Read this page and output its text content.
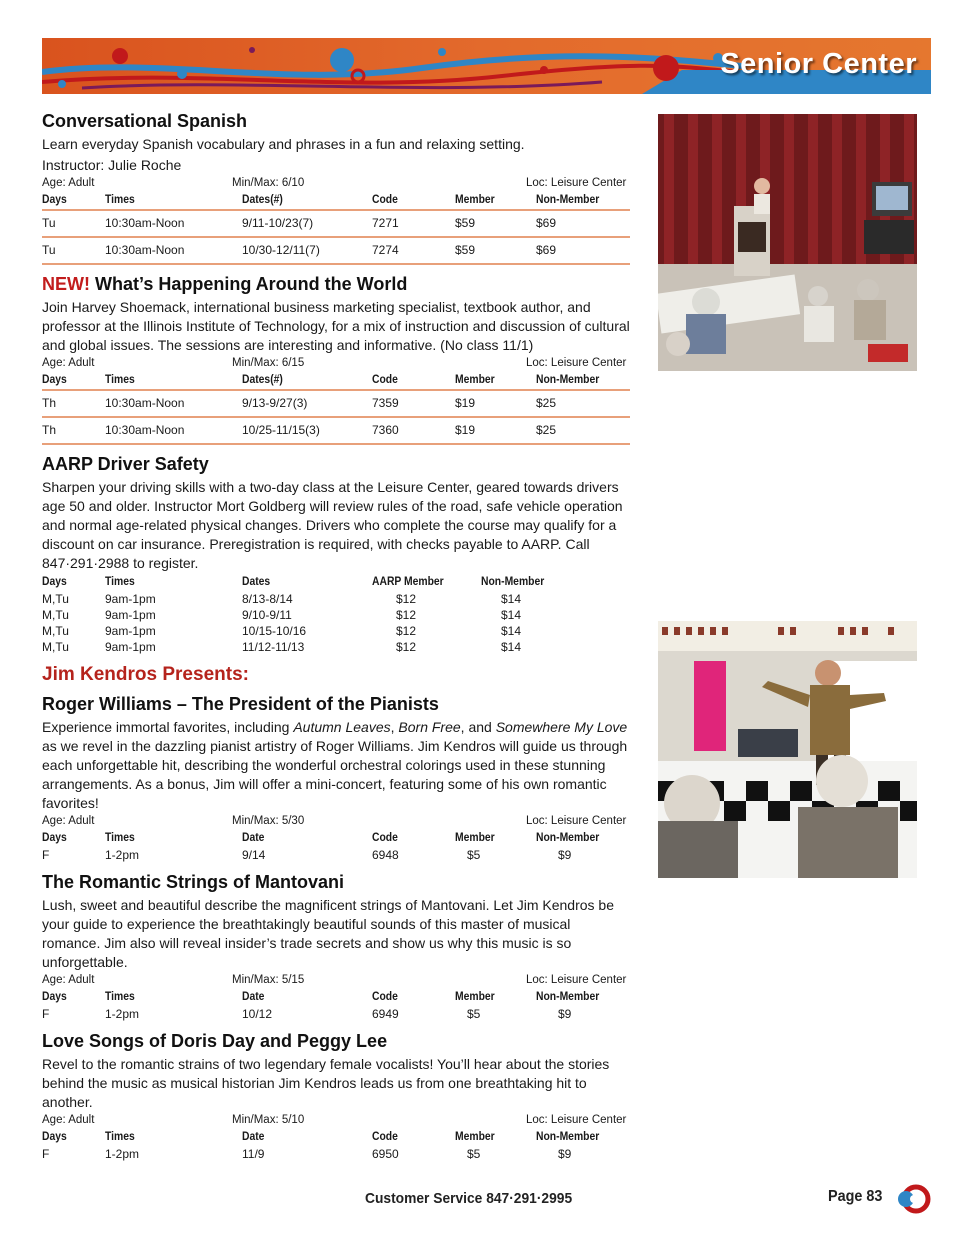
Senior Center
Conversational Spanish
Learn everyday Spanish vocabulary and phrases in a fun and relaxing setting.
Instructor: Julie Roche
Age: Adult	Min/Max: 6/10	Loc: Leisure Center
Days	Times	Dates(#)	Code	Member	Non-Member
Tu	10:30am-Noon	9/11-10/23(7)	7271	$59	$69
Tu	10:30am-Noon	10/30-12/11(7)	7274	$59	$69
NEW! What’s Happening Around the World
Join Harvey Shoemack, international business marketing specialist, textbook author, and professor at the Illinois Institute of Technology, for a mix of instruction and discussion of cultural and global issues. The sessions are interesting and informative. (No class 11/1)
Age: Adult	Min/Max: 6/15	Loc: Leisure Center
Days	Times	Dates(#)	Code	Member	Non-Member
Th	10:30am-Noon	9/13-9/27(3)	7359	$19	$25
Th	10:30am-Noon	10/25-11/15(3)	7360	$19	$25
AARP Driver Safety
Sharpen your driving skills with a two-day class at the Leisure Center, geared towards drivers age 50 and older. Instructor Mort Goldberg will review rules of the road, safe vehicle operation and normal age-related physical changes. Drivers who complete the course may qualify for a discount on car insurance. Preregistration is required, with checks payable to AARP. Call 847·291·2988 to register.
Days	Times	Dates	AARP Member	Non-Member
M,Tu	9am-1pm	8/13-8/14	$12	$14
M,Tu	9am-1pm	9/10-9/11	$12	$14
M,Tu	9am-1pm	10/15-10/16	$12	$14
M,Tu	9am-1pm	11/12-11/13	$12	$14
Jim Kendros Presents:
Roger Williams – The President of the Pianists
Experience immortal favorites, including Autumn Leaves, Born Free, and Somewhere My Love as we revel in the dazzling pianist artistry of Roger Williams. Jim Kendros will guide us through each unforgettable hit, describing the wonderful orchestral colorings used in these stunning arrangements. As a bonus, Jim will offer a mini-concert, featuring some of his own romantic favorites!
Age: Adult	Min/Max: 5/30	Loc: Leisure Center
Days	Times	Date	Code	Member	Non-Member
F	1-2pm	9/14	6948	$5	$9
The Romantic Strings of Mantovani
Lush, sweet and beautiful describe the magnificent strings of Mantovani. Let Jim Kendros be your guide to experience the breathtakingly beautiful sounds of this master of musical romance. Jim also will reveal insider’s trade secrets and show us why this music is so unforgettable.
Age: Adult	Min/Max: 5/15	Loc: Leisure Center
Days	Times	Date	Code	Member	Non-Member
F	1-2pm	10/12	6949	$5	$9
Love Songs of Doris Day and Peggy Lee
Revel to the romantic strains of two legendary female vocalists! You’ll hear about the stories behind the music as musical historian Jim Kendros leads us from one breathtaking hit to another.
Age: Adult	Min/Max: 5/10	Loc: Leisure Center
Days	Times	Date	Code	Member	Non-Member
F	1-2pm	11/9	6950	$5	$9
Customer Service 847·291·2995	Page 83
